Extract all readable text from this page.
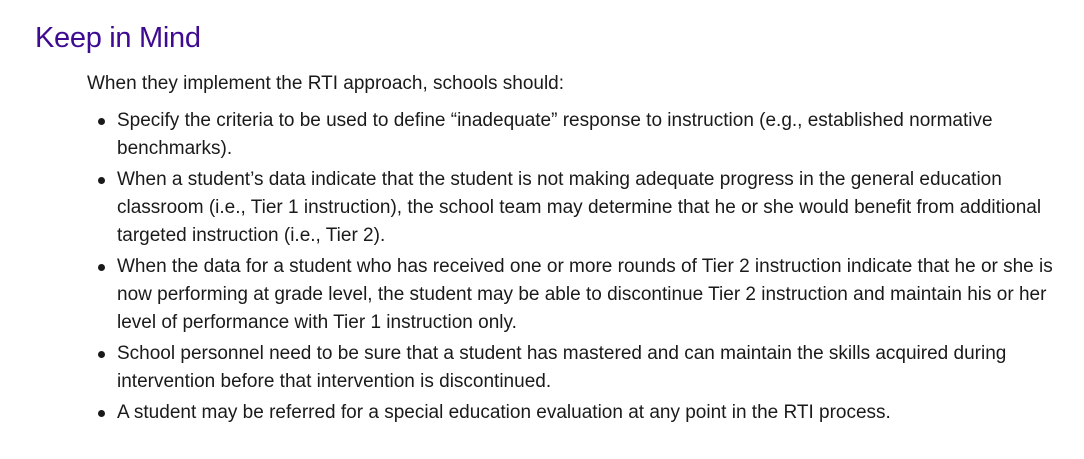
Keep in Mind

When they implement the RTI approach, schools should:

Specify the criteria to be used to define “inadequate” response to instruction (e.g., established normative benchmarks).
When a student’s data indicate that the student is not making adequate progress in the general education classroom (i.e., Tier 1 instruction), the school team may determine that he or she would benefit from additional targeted instruction (i.e., Tier 2).
When the data for a student who has received one or more rounds of Tier 2 instruction indicate that he or she is now performing at grade level, the student may be able to discontinue Tier 2 instruction and maintain his or her level of performance with Tier 1 instruction only.
School personnel need to be sure that a student has mastered and can maintain the skills acquired during intervention before that intervention is discontinued.
A student may be referred for a special education evaluation at any point in the RTI process.
